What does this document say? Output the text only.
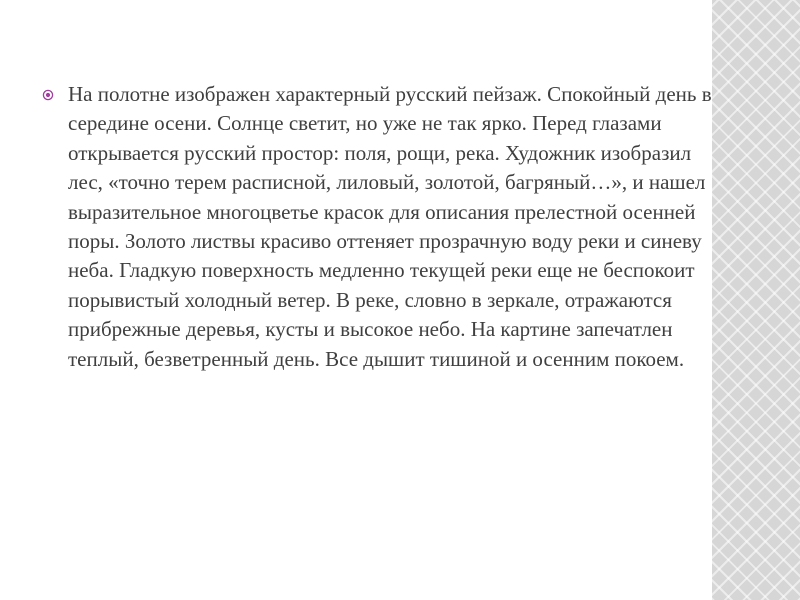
На полотне изображен характерный русский пейзаж. Спокойный день в середине осени. Солнце светит, но уже не так ярко. Перед глазами открывается русский простор: поля, рощи, река. Художник изобразил лес, «точно терем расписной, лиловый, золотой, багряный…», и нашел выразительное многоцветье красок для описания прелестной осенней поры. Золото листвы красиво оттеняет прозрачную воду реки и синеву неба. Гладкую поверхность медленно текущей реки еще не беспокоит порывистый холодный ветер. В реке, словно в зеркале, отражаются прибрежные деревья, кусты и высокое небо. На картине запечатлен теплый, безветренный день. Все дышит тишиной и осенним покоем.
